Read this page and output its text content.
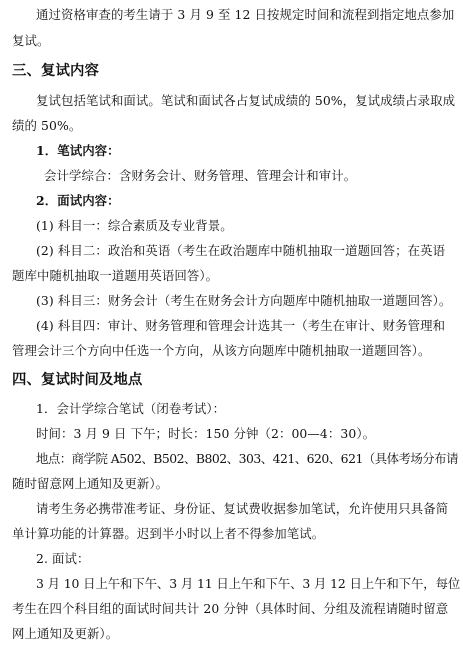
通过资格审查的考生请于 3 月 9 至 12 日按规定时间和流程到指定地点参加
复试。
三、复试内容
复试包括笔试和面试。笔试和面试各占复试成绩的 50%，复试成绩占录取成
绩的 50%。
1．笔试内容：
会计学综合：含财务会计、财务管理、管理会计和审计。
2．面试内容：
(1) 科目一：综合素质及专业背景。
(2) 科目二：政治和英语（考生在政治题库中随机抽取一道题回答；在英语
题库中随机抽取一道题用英语回答）。
(3) 科目三：财务会计（考生在财务会计方向题库中随机抽取一道题回答）。
(4) 科目四：审计、财务管理和管理会计选其一（考生在审计、财务管理和
管理会计三个方向中任选一个方向，从该方向题库中随机抽取一道题回答）。
四、复试时间及地点
1．会计学综合笔试（闭卷考试）：
时间：3 月 9 日 下午；时长：150 分钟（2：00—4：30）。
地点：商学院 A502、B502、B802、303、421、620、621（具体考场分布请
随时留意网上通知及更新）。
请考生务必携带准考证、身份证、复试费收据参加笔试，允许使用只具备简
单计算功能的计算器。迟到半小时以上者不得参加笔试。
2. 面试：
3 月 10 日上午和下午、3 月 11 日上午和下午、3 月 12 日上午和下午，每位
考生在四个科目组的面试时间共计 20 分钟（具体时间、分组及流程请随时留意
网上通知及更新）。
